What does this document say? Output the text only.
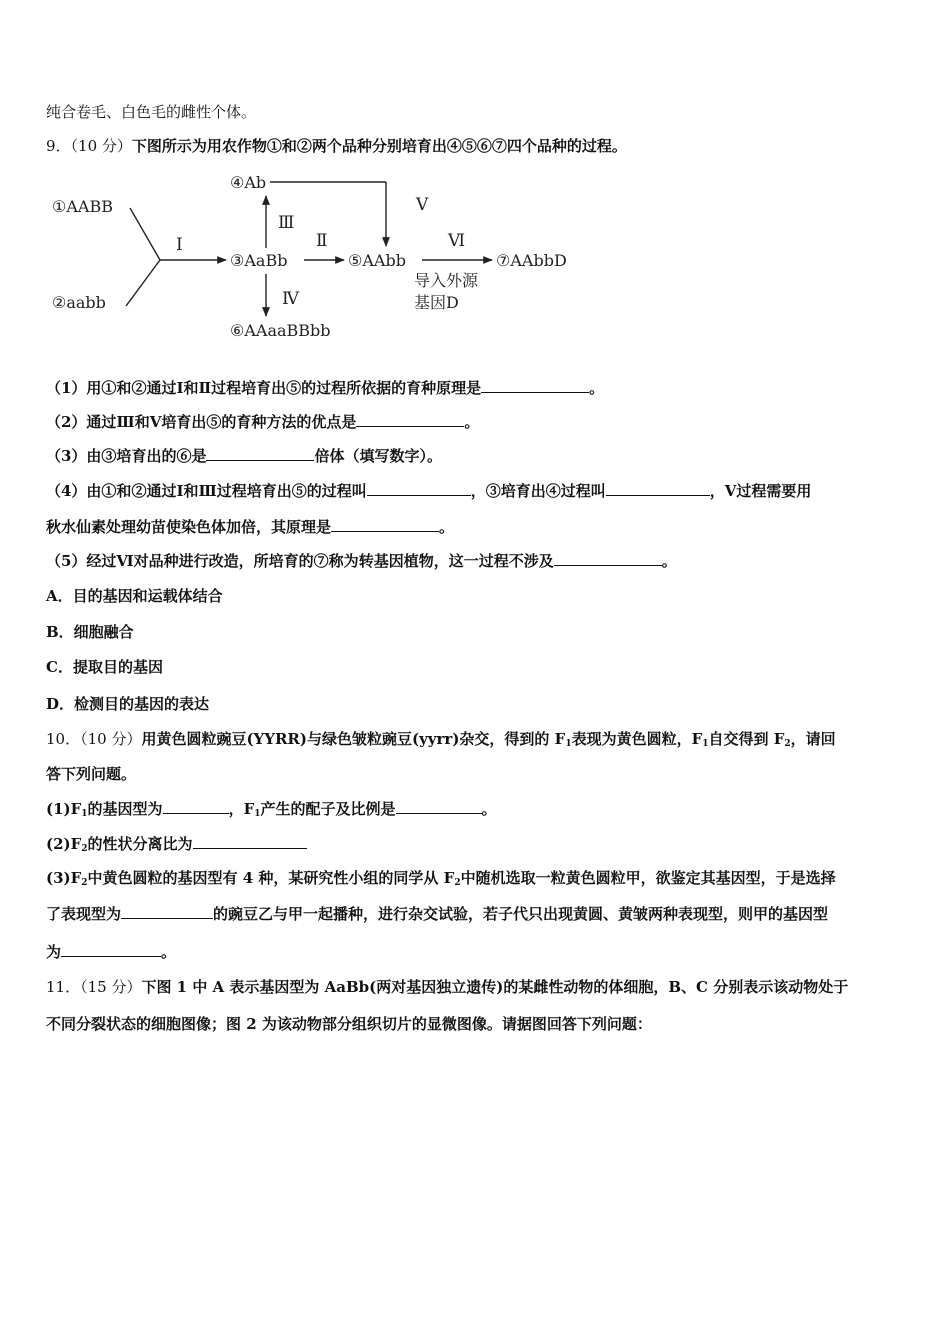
纯合卷毛、白色毛的雌性个体。
9．（10 分）下图所示为用农作物①和②两个品种分别培育出④⑤⑥⑦四个品种的过程。
①AABB
②aabb
Ⅰ
④Ab
③AaBb
⑥AAaaBBbb
Ⅲ
Ⅳ
Ⅴ
Ⅱ
⑤AAbb
Ⅵ
导入外源
基因D
⑦AAbbD
（1）用①和②通过Ⅰ和Ⅱ过程培育出⑤的过程所依据的育种原理是	。
（2）通过Ⅲ和Ⅴ培育出⑤的育种方法的优点是	。
（3）由③培育出的⑥是	倍体（填写数字）。
（4）由①和②通过Ⅰ和Ⅲ过程培育出⑤的过程叫	，③培育出④过程叫	，Ⅴ过程需要用
秋水仙素处理幼苗使染色体加倍，其原理是	。
（5）经过Ⅵ对品种进行改造，所培育的⑦称为转基因植物，这一过程不涉及	。
A．目的基因和运载体结合
B．细胞融合
C．提取目的基因
D．检测目的基因的表达
10．（10 分）用黄色圆粒豌豆(YYRR)与绿色皱粒豌豆(yyrr)杂交，得到的 $F_1$表现为黄色圆粒，$F_1$自交得到 $F_2$，请回
答下列问题。
$(1)F_1$的基因型为	，$F_1$产生的配子及比例是	。
$(2)F_2$的性状分离比为
$(3)F_2$中黄色圆粒的基因型有 4 种，某研究性小组的同学从 $F_2$中随机选取一粒黄色圆粒甲，欲鉴定其基因型，于是选择
了表现型为	的豌豆乙与甲一起播种，进行杂交试验，若子代只出现黄圆、黄皱两种表现型，则甲的基因型
为	。
11．（15 分）下图 1 中 A 表示基因型为 AaBb(两对基因独立遗传)的某雌性动物的体细胞，B、C 分别表示该动物处于
不同分裂状态的细胞图像；图 2 为该动物部分组织切片的显微图像。请据图回答下列问题：
